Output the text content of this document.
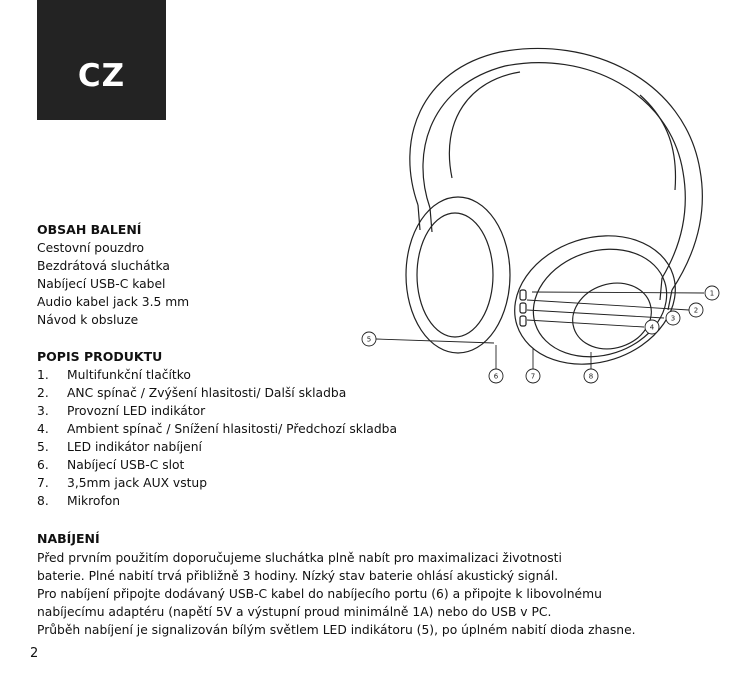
CZ
1
2
3
4
5
6	7	8
OBSAH BALENÍ
Cestovní pouzdro
Bezdrátová sluchátka
Nabíjecí USB-C kabel
Audio kabel jack 3.5 mm
Návod k obsluze
POPIS PRODUKTU
1. Multifunkční tlačítko
2. ANC spínač / Zvýšení hlasitosti/ Další skladba
3. Provozní LED indikátor
4. Ambient spínač / Snížení hlasitosti/ Předchozí skladba
5. LED indikátor nabíjení
6. Nabíjecí USB-C slot
7. 3,5mm jack AUX vstup
8. Mikrofon
NABÍJENÍ
Před prvním použitím doporučujeme sluchátka plně nabít pro maximalizaci životnosti
baterie. Plné nabití trvá přibližně 3 hodiny. Nízký stav baterie ohlásí akustický signál.
Pro nabíjení připojte dodávaný USB-C kabel do nabíjecího portu (6) a připojte k libovolnému
nabíjecímu adaptéru (napětí 5V a výstupní proud minimálně 1A) nebo do USB v PC.
Průběh nabíjení je signalizován bílým světlem LED indikátoru (5), po úplném nabití dioda zhasne.
2
